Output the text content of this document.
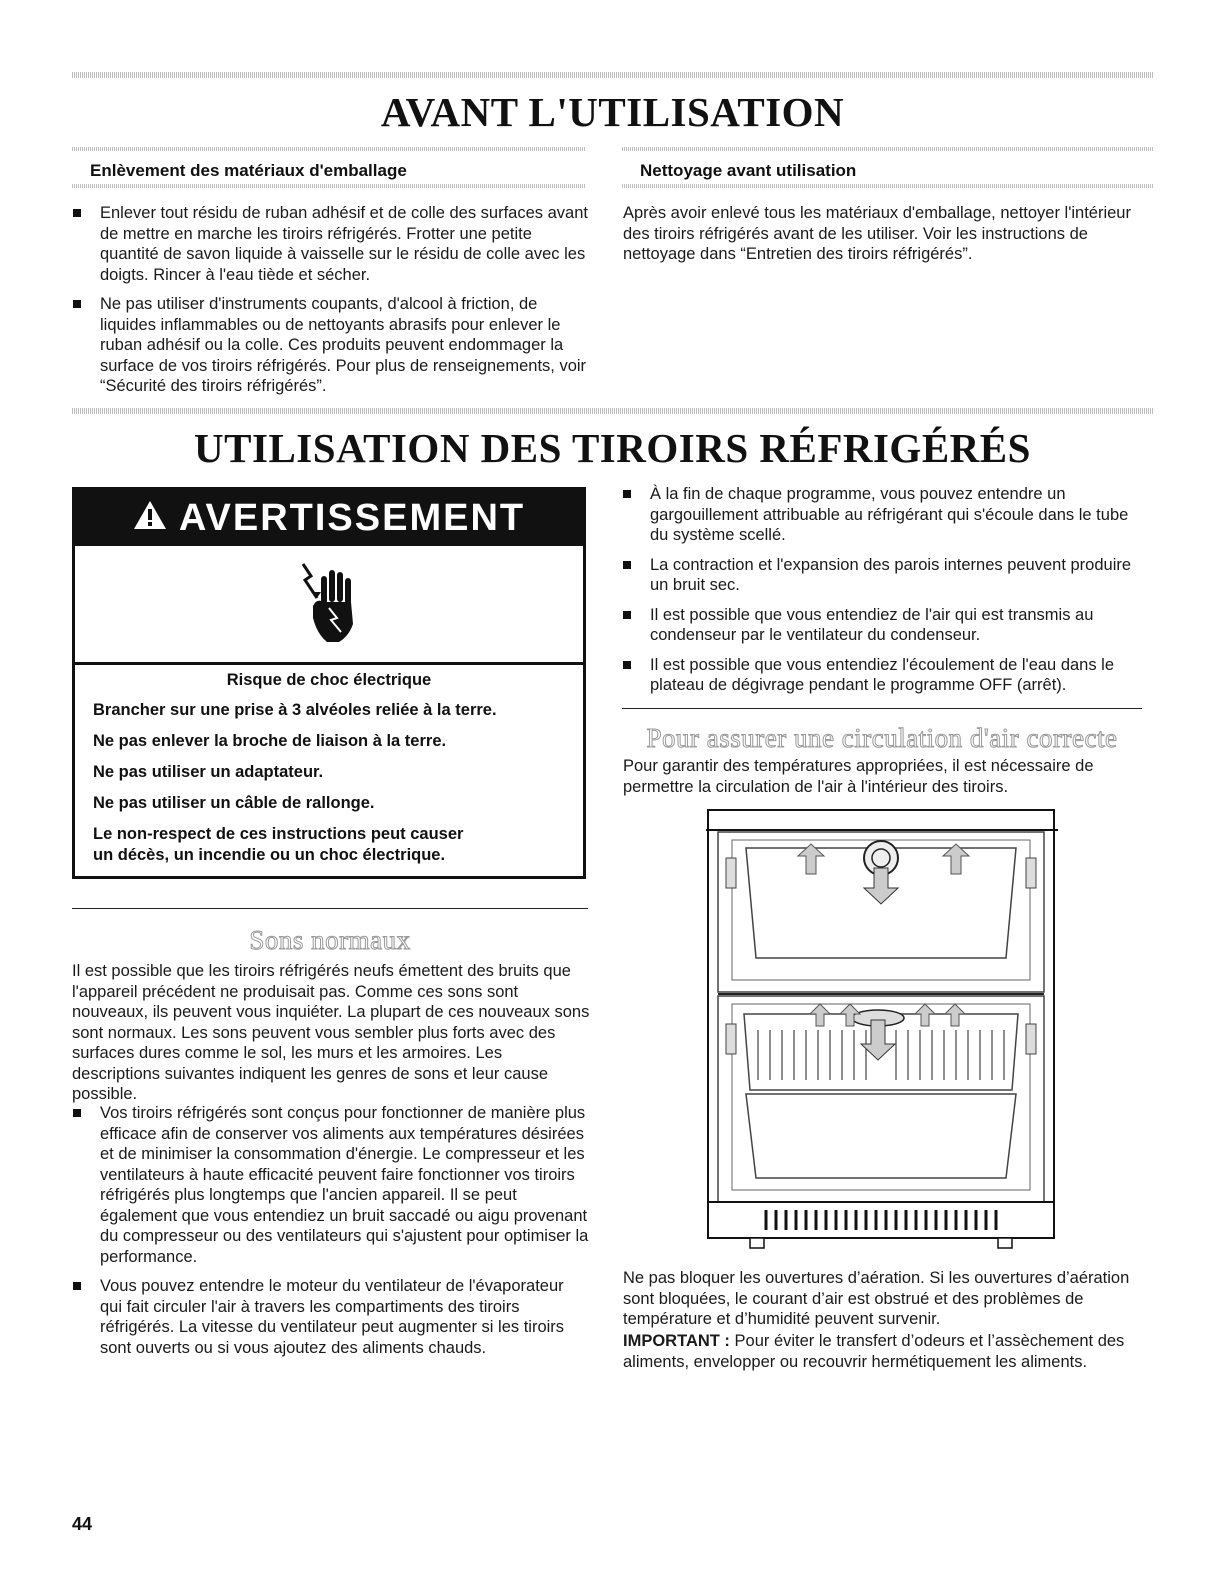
AVANT L'UTILISATION
Enlèvement des matériaux d'emballage
Enlever tout résidu de ruban adhésif et de colle des surfaces avant de mettre en marche les tiroirs réfrigérés. Frotter une petite quantité de savon liquide à vaisselle sur le résidu de colle avec les doigts. Rincer à l'eau tiède et sécher.
Ne pas utiliser d'instruments coupants, d'alcool à friction, de liquides inflammables ou de nettoyants abrasifs pour enlever le ruban adhésif ou la colle. Ces produits peuvent endommager la surface de vos tiroirs réfrigérés. Pour plus de renseignements, voir “Sécurité des tiroirs réfrigérés”.
Nettoyage avant utilisation

Après avoir enlevé tous les matériaux d'emballage, nettoyer l'intérieur des tiroirs réfrigérés avant de les utiliser. Voir les instructions de nettoyage dans “Entretien des tiroirs réfrigérés”.

UTILISATION DES TIROIRS RÉFRIGÉRÉS
AVERTISSEMENT
Risque de choc électrique
Brancher sur une prise à 3 alvéoles reliée à la terre.
Ne pas enlever la broche de liaison à la terre.
Ne pas utiliser un adaptateur.
Ne pas utiliser un câble de rallonge.
Le non-respect de ces instructions peut causer
un décès, un incendie ou un choc électrique.
Sons normaux

Il est possible que les tiroirs réfrigérés neufs émettent des bruits que l'appareil précédent ne produisait pas. Comme ces sons sont nouveaux, ils peuvent vous inquiéter. La plupart de ces nouveaux sons sont normaux. Les sons peuvent vous sembler plus forts avec des surfaces dures comme le sol, les murs et les armoires. Les descriptions suivantes indiquent les genres de sons et leur cause possible.

Vos tiroirs réfrigérés sont conçus pour fonctionner de manière plus efficace afin de conserver vos aliments aux températures désirées et de minimiser la consommation d'énergie. Le compresseur et les ventilateurs à haute efficacité peuvent faire fonctionner vos tiroirs réfrigérés plus longtemps que l'ancien appareil. Il se peut également que vous entendiez un bruit saccadé ou aigu provenant du compresseur ou des ventilateurs qui s'ajustent pour optimiser la performance.
Vous pouvez entendre le moteur du ventilateur de l'évaporateur qui fait circuler l'air à travers les compartiments des tiroirs réfrigérés. La vitesse du ventilateur peut augmenter si les tiroirs sont ouverts ou si vous ajoutez des aliments chauds.
À la fin de chaque programme, vous pouvez entendre un gargouillement attribuable au réfrigérant qui s'écoule dans le tube du système scellé.
La contraction et l'expansion des parois internes peuvent produire un bruit sec.
Il est possible que vous entendiez de l'air qui est transmis au condenseur par le ventilateur du condenseur.
Il est possible que vous entendiez l'écoulement de l'eau dans le plateau de dégivrage pendant le programme OFF (arrêt).
Pour assurer une circulation d'air correcte

Pour garantir des températures appropriées, il est nécessaire de permettre la circulation de l'air à l'intérieur des tiroirs.

Ne pas bloquer les ouvertures d’aération. Si les ouvertures d’aération sont bloquées, le courant d’air est obstrué et des problèmes de température et d’humidité peuvent survenir.

IMPORTANT : Pour éviter le transfert d’odeurs et l’assèchement des aliments, envelopper ou recouvrir hermétiquement les aliments.

44
